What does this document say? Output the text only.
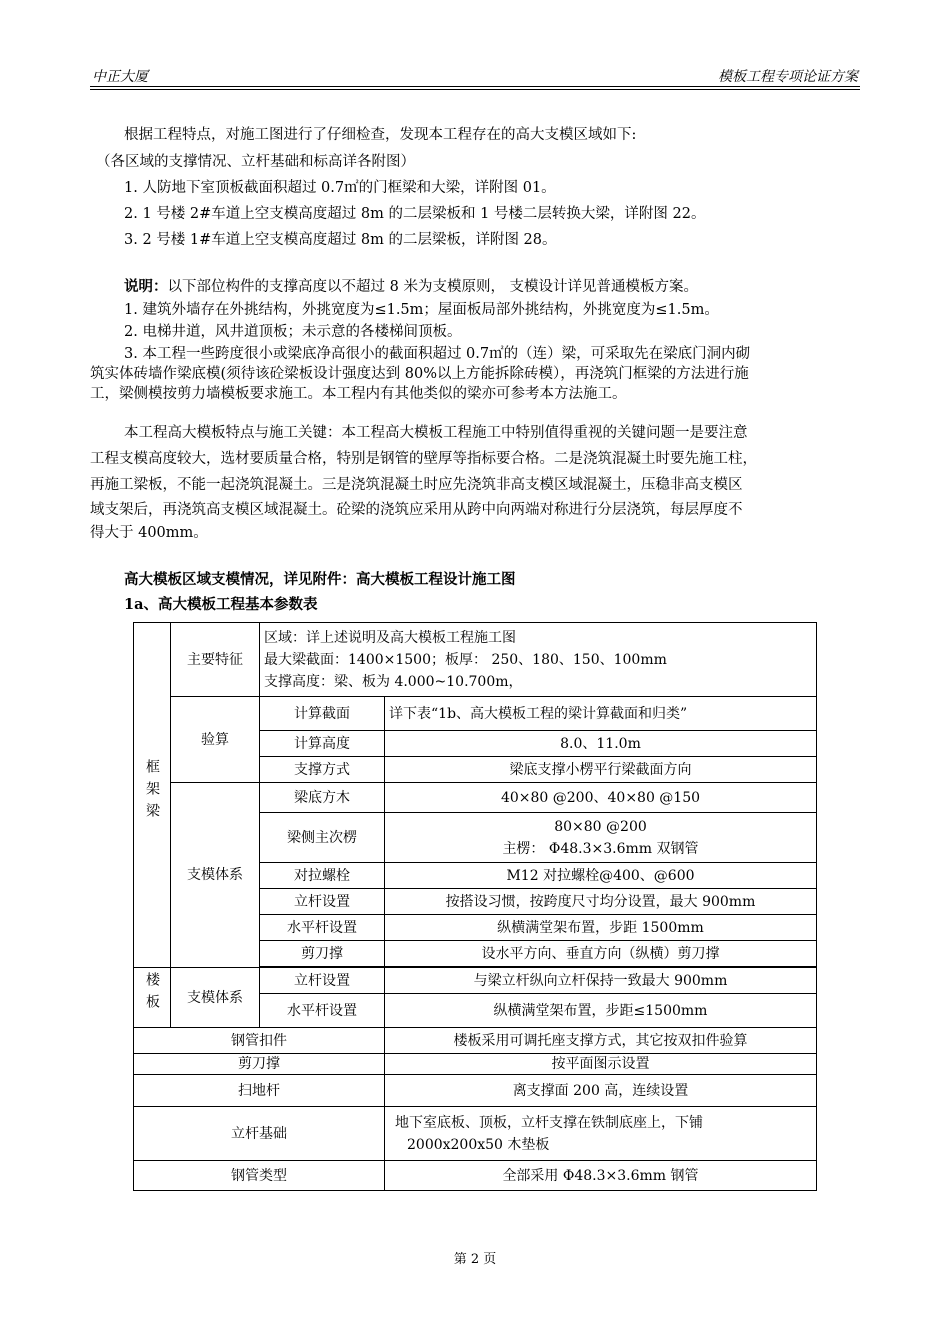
中正大厦	模板工程专项论证方案
根据工程特点，对施工图进行了仔细检查，发现本工程存在的高大支模区域如下:
（各区域的支撑情况、立杆基础和标高详各附图）
1. 人防地下室顶板截面积超过 0.7㎡的门框梁和大梁，详附图 01。
2. 1 号楼 2#车道上空支模高度超过 8m 的二层梁板和 1 号楼二层转换大梁，详附图 22。
3. 2 号楼 1#车道上空支模高度超过 8m 的二层梁板，详附图 28。
说明：以下部位构件的支撑高度以不超过 8 米为支模原则， 支模设计详见普通模板方案。
1. 建筑外墙存在外挑结构，外挑宽度为≤1.5m；屋面板局部外挑结构，外挑宽度为≤1.5m。
2. 电梯井道，风井道顶板；未示意的各楼梯间顶板。
3. 本工程一些跨度很小或梁底净高很小的截面积超过 0.7㎡的（连）梁，可采取先在梁底门洞内砌
筑实体砖墙作梁底模(须待该砼梁板设计强度达到 80%以上方能拆除砖模），再浇筑门框梁的方法进行施
工，梁侧模按剪力墙模板要求施工。本工程内有其他类似的梁亦可参考本方法施工。
本工程高大模板特点与施工关键：本工程高大模板工程施工中特别值得重视的关键问题一是要注意
工程支模高度较大，选材要质量合格，特别是钢管的壁厚等指标要合格。二是浇筑混凝土时要先施工柱，
再施工梁板，不能一起浇筑混凝土。三是浇筑混凝土时应先浇筑非高支模区域混凝土，压稳非高支模区
域支架后，再浇筑高支模区域混凝土。砼梁的浇筑应采用从跨中向两端对称进行分层浇筑，每层厚度不
得大于 400mm。
高大模板区域支模情况，详见附件：高大模板工程设计施工图
1a、高大模板工程基本参数表
框架梁	主要特征	区域：详上述说明及高大模板工程施工图
最大梁截面：1400×1500；板厚： 250、180、150、100mm
支撑高度：梁、板为 4.000~10.700m，	

	验算	计算截面	详下表“1b、高大模板工程的梁计算截面和归类”
		计算高度	8.0、11.0m
		支撑方式	梁底支撑小楞平行梁截面方向
	支模体系	梁底方木	40×80 @200、40×80 @150
		梁侧主次楞	80×80 @200
主楞： Φ48.3×3.6mm 双钢管

		对拉螺栓	M12 对拉螺栓@400、@600
		立杆设置	按搭设习惯，按跨度尺寸均分设置，最大 900mm
		水平杆设置	纵横满堂架布置，步距 1500mm
		剪刀撑	设水平方向、垂直方向（纵横）剪刀撑

楼板	支模体系	立杆设置	与梁立杆纵向立杆保持一致最大 900mm
		水平杆设置	纵横满堂架布置，步距≤1500mm
钢管扣件			楼板采用可调托座支撑方式，其它按双扣件验算

剪刀撑			按平面图示设置

扫地杆			离支撑面 200 高，连续设置
立杆基础			地下室底板、顶板，立杆支撑在铁制底座上，下铺
2000x200x50 木垫板

钢管类型			全部采用 Φ48.3×3.6mm 钢管
第 2 页
